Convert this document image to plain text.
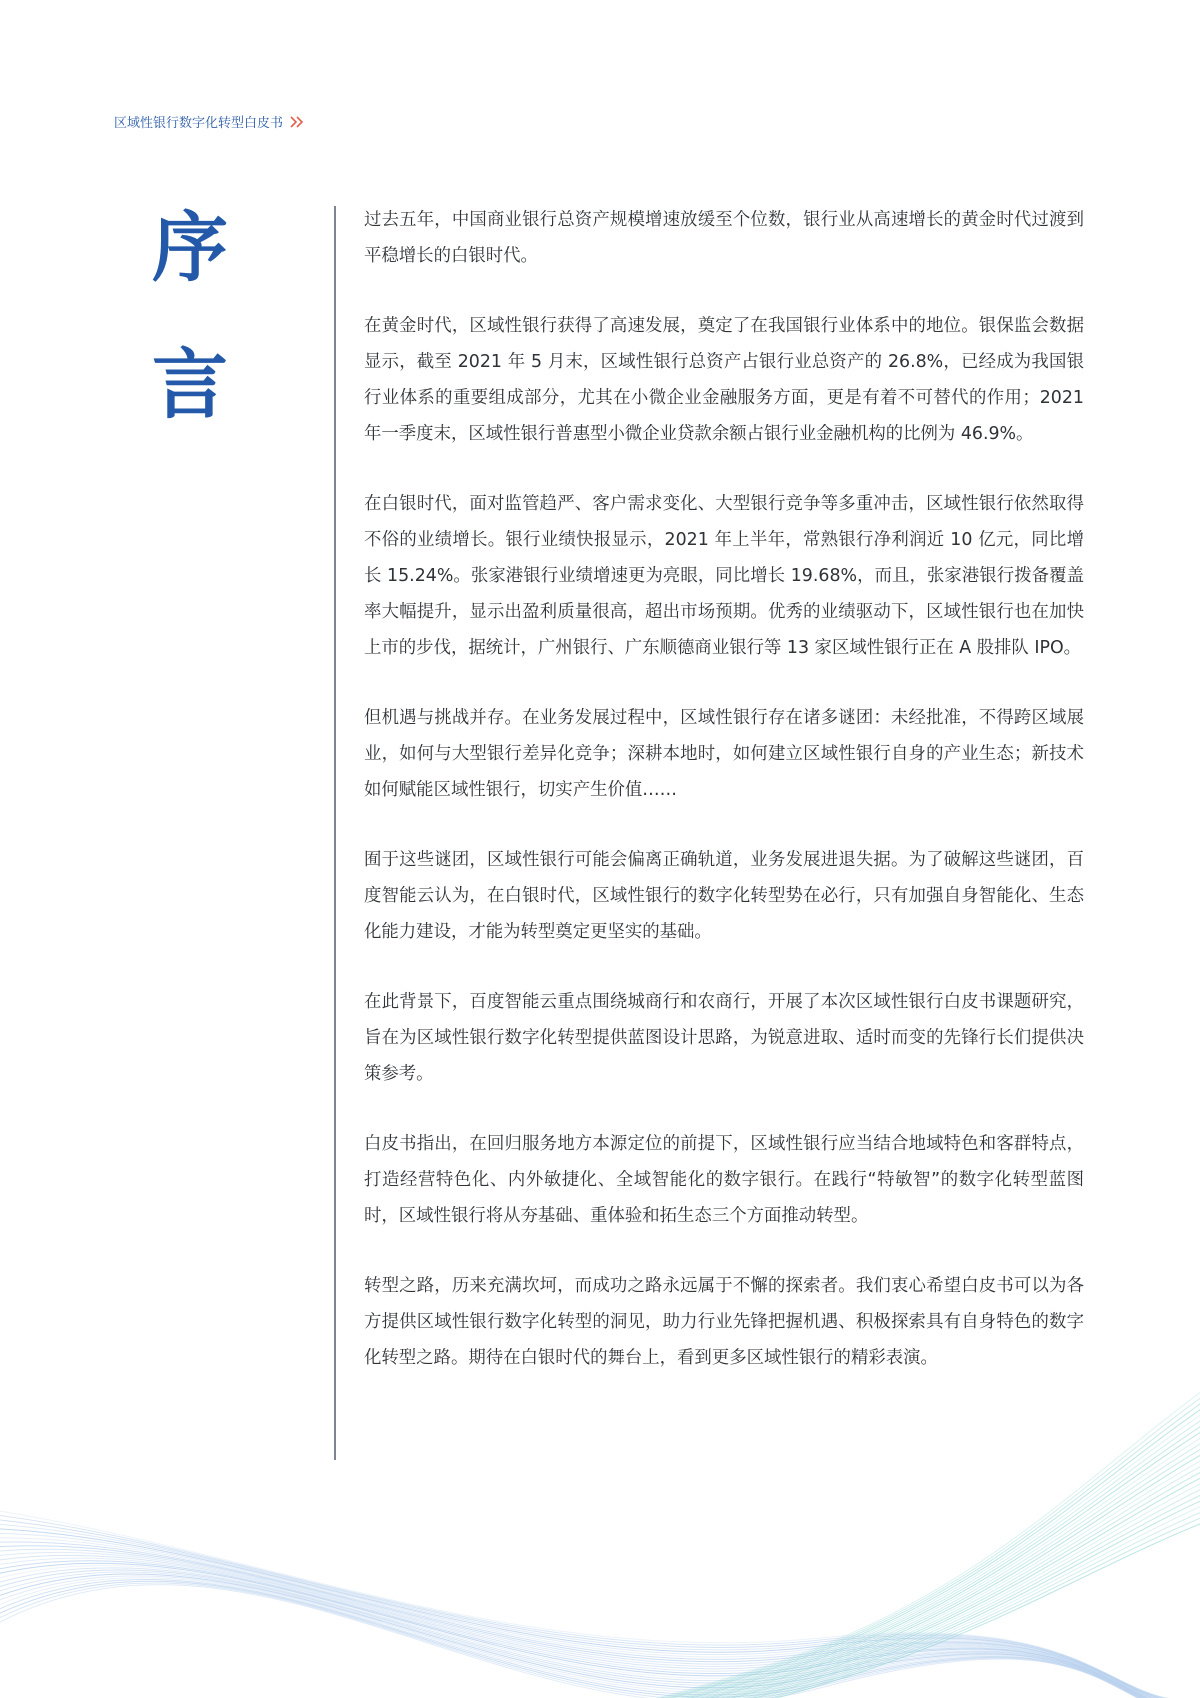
区域性银行数字化转型白皮书
序
言

过去五年，中国商业银行总资产规模增速放缓至个位数，银行业从高速增长的黄金时代过渡到平稳增长的白银时代。

在黄金时代，区域性银行获得了高速发展，奠定了在我国银行业体系中的地位。银保监会数据显示，截至 2021 年 5 月末，区域性银行总资产占银行业总资产的 26.8%，已经成为我国银行业体系的重要组成部分，尤其在小微企业金融服务方面，更是有着不可替代的作用；2021 年一季度末，区域性银行普惠型小微企业贷款余额占银行业金融机构的比例为 46.9%。

在白银时代，面对监管趋严、客户需求变化、大型银行竞争等多重冲击，区域性银行依然取得不俗的业绩增长。银行业绩快报显示，2021 年上半年，常熟银行净利润近 10 亿元，同比增长 15.24%。张家港银行业绩增速更为亮眼，同比增长 19.68%，而且，张家港银行拨备覆盖率大幅提升，显示出盈利质量很高，超出市场预期。优秀的业绩驱动下，区域性银行也在加快上市的步伐，据统计，广州银行、广东顺德商业银行等 13 家区域性银行正在 A 股排队 IPO。

但机遇与挑战并存。在业务发展过程中，区域性银行存在诸多谜团：未经批准，不得跨区域展业，如何与大型银行差异化竞争；深耕本地时，如何建立区域性银行自身的产业生态；新技术如何赋能区域性银行，切实产生价值……

囿于这些谜团，区域性银行可能会偏离正确轨道，业务发展进退失据。为了破解这些谜团，百度智能云认为，在白银时代，区域性银行的数字化转型势在必行，只有加强自身智能化、生态化能力建设，才能为转型奠定更坚实的基础。

在此背景下，百度智能云重点围绕城商行和农商行，开展了本次区域性银行白皮书课题研究，旨在为区域性银行数字化转型提供蓝图设计思路，为锐意进取、适时而变的先锋行长们提供决策参考。

白皮书指出，在回归服务地方本源定位的前提下，区域性银行应当结合地域特色和客群特点，打造经营特色化、内外敏捷化、全域智能化的数字银行。在践行“特敏智”的数字化转型蓝图时，区域性银行将从夯基础、重体验和拓生态三个方面推动转型。

转型之路，历来充满坎坷，而成功之路永远属于不懈的探索者。我们衷心希望白皮书可以为各方提供区域性银行数字化转型的洞见，助力行业先锋把握机遇、积极探索具有自身特色的数字化转型之路。期待在白银时代的舞台上，看到更多区域性银行的精彩表演。
